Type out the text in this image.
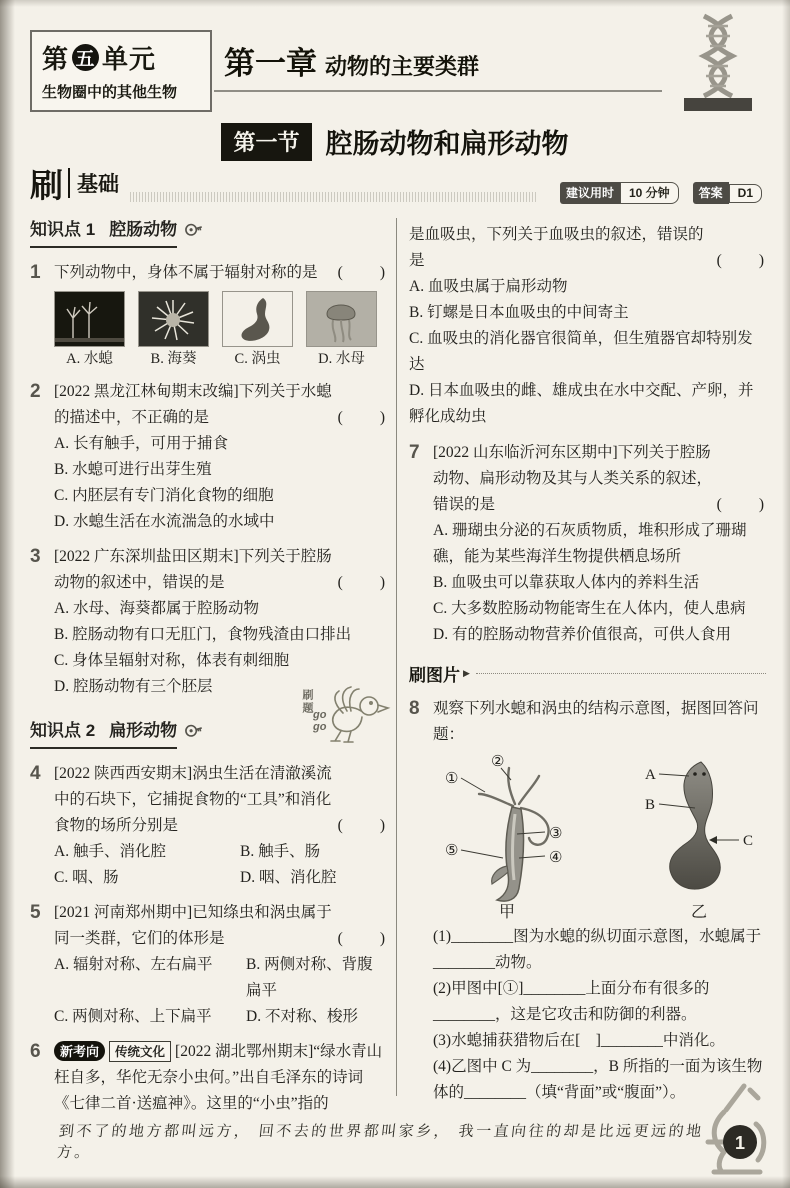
第 五 单元
生物圈中的其他生物
第一章 动物的主要类群
第一节 腔肠动物和扁形动物
建议用时	10 分钟	答案	D1
刷 基础
知识点 1 腔肠动物
1 下列动物中，身体不属于辐射对称的是 (　　)

A. 水螅	B. 海葵	C. 涡虫	D. 水母
2 [2022 黑龙江林甸期末改编]下列关于水螅的描述中，不正确的是	(　　)

A. 长有触手，可用于捕食

B. 水螅可进行出芽生殖

C. 内胚层有专门消化食物的细胞

D. 水螅生活在水流湍急的水域中

3 [2022 广东深圳盐田区期末]下列关于腔肠动物的叙述中，错误的是	(　　)

A. 水母、海葵都属于腔肠动物

B. 腔肠动物有口无肛门，食物残渣由口排出

C. 身体呈辐射对称，体表有刺细胞

D. 腔肠动物有三个胚层

知识点 2 扁形动物
4 [2022 陕西西安期末]涡虫生活在清澈溪流中的石块下，它捕捉食物的“工具”和消化食物的场所分别是	(　　)

A. 触手、消化腔	B. 触手、肠

C. 咽、肠	D. 咽、消化腔

5 [2021 河南郑州期中]已知绦虫和涡虫属于同一类群，它们的体形是	(　　)

A. 辐射对称、左右扁平	B. 两侧对称、背腹扁平

C. 两侧对称、上下扁平	D. 不对称、梭形

6	新考向 传统文化 [2022 湖北鄂州期末]“绿水青山枉自多，华佗无奈小虫何。”出自毛泽东的诗词《七律二首·送瘟神》。这里的“小虫”指的

刷题 go go

是血吸虫，下列关于血吸虫的叙述，错误的是	(　　)

A. 血吸虫属于扁形动物

B. 钉螺是日本血吸虫的中间寄主

C. 血吸虫的消化器官很简单，但生殖器官却特别发达

D. 日本血吸虫的雌、雄成虫在水中交配、产卵，并孵化成幼虫

7 [2022 山东临沂河东区期中]下列关于腔肠动物、扁形动物及其与人类关系的叙述，错误的是	(　　)

A. 珊瑚虫分泌的石灰质物质，堆积形成了珊瑚礁，能为某些海洋生物提供栖息场所

B. 血吸虫可以靠获取人体内的养料生活

C. 大多数腔肠动物能寄生在人体内，使人患病

D. 有的腔肠动物营养价值很高，可供人食用

刷图片 ▶
8 观察下列水螅和涡虫的结构示意图，据图回答问题：

①
②
③
④
⑤
甲
A
B
C
乙

(1)________图为水螅的纵切面示意图，水螅属于________动物。

(2)甲图中[①]________上面分布有很多的________，这是它攻击和防御的利器。

(3)水螅捕获猎物后在[　]________中消化。

(4)乙图中 C 为________，B 所指的一面为该生物体的________（填“背面”或“腹面”）。

到不了的地方都叫远方， 回不去的世界都叫家乡， 我一直向往的却是比远更远的地方。	1
